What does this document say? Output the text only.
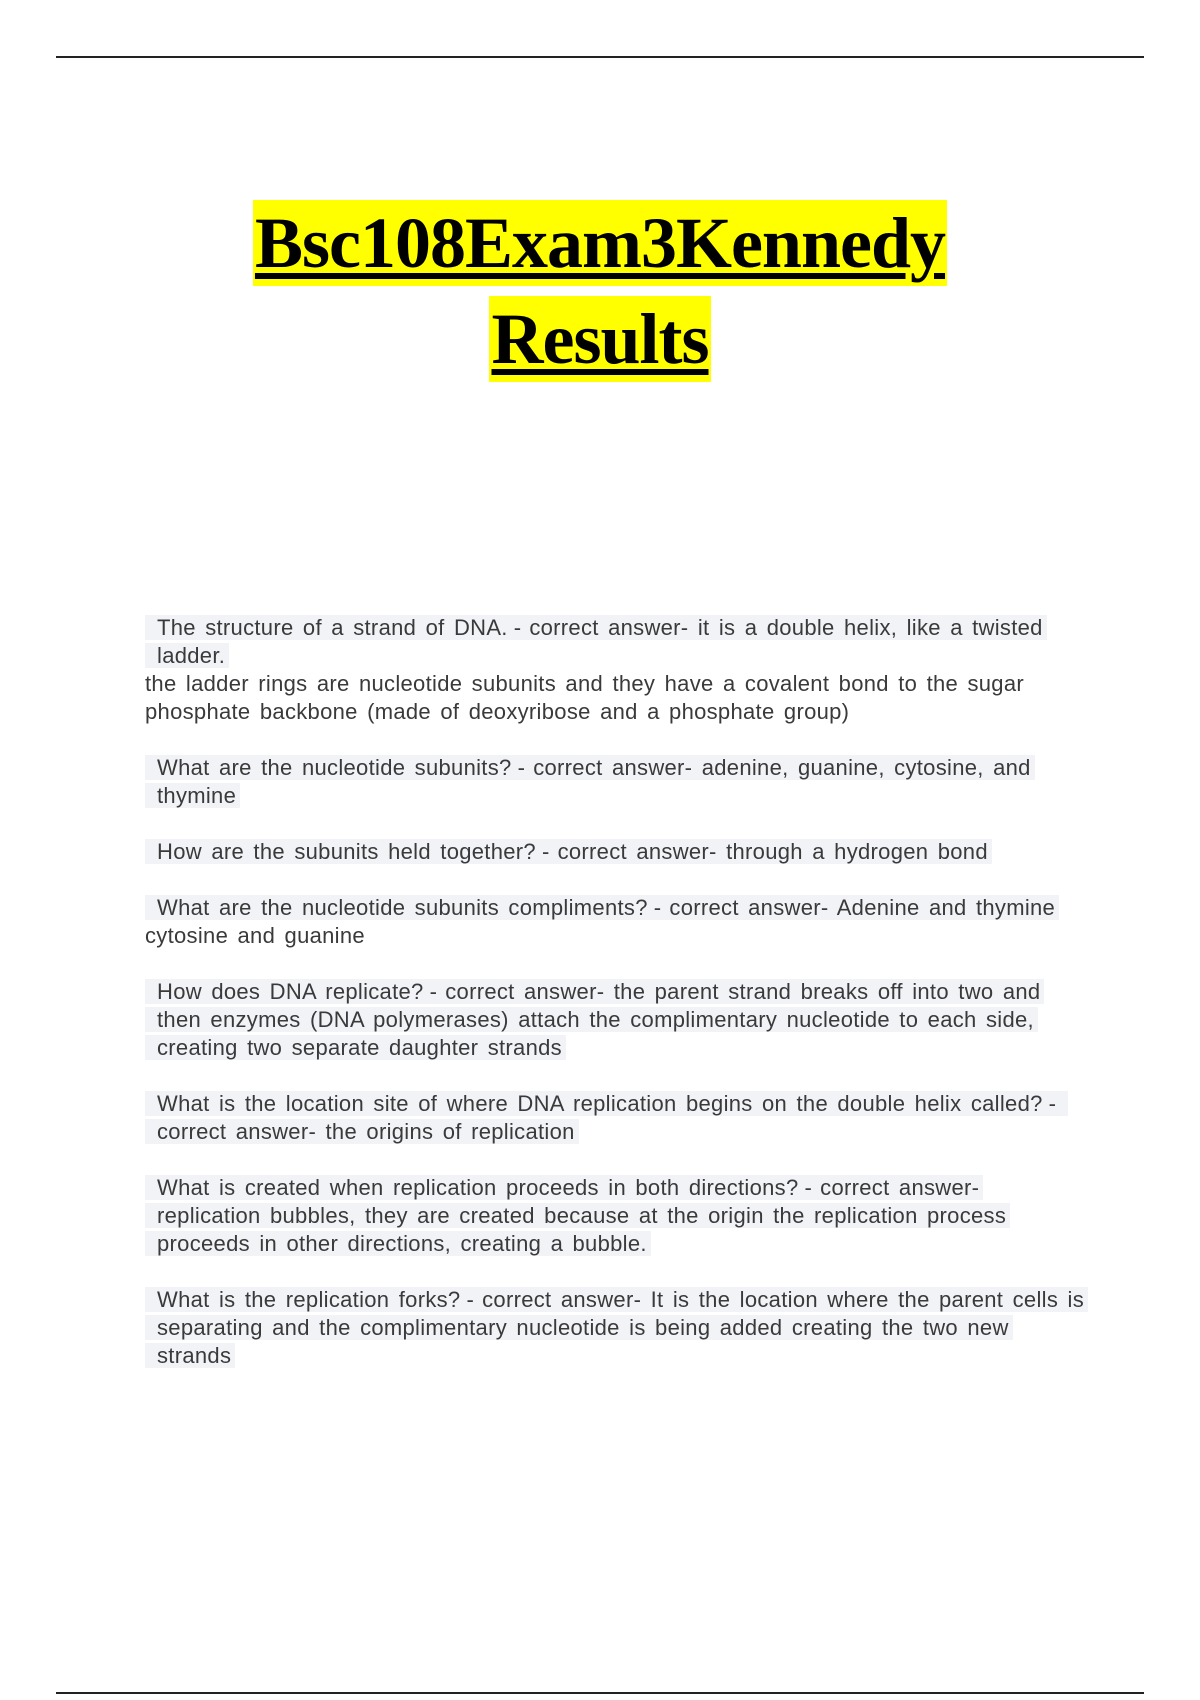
Bsc108Exam3Kennedy
Results
The structure of a strand of DNA. - correct answer- it is a double helix, like a twisted ladder.
the ladder rings are nucleotide subunits and they have a covalent bond to the sugar phosphate backbone (made of deoxyribose and a phosphate group)
What are the nucleotide subunits? - correct answer- adenine, guanine, cytosine, and thymine
How are the subunits held together? - correct answer- through a hydrogen bond
What are the nucleotide subunits compliments? - correct answer- Adenine and thymine
cytosine and guanine
How does DNA replicate? - correct answer- the parent strand breaks off into two and then enzymes (DNA polymerases) attach the complimentary nucleotide to each side, creating two separate daughter strands
What is the location site of where DNA replication begins on the double helix called? -correct answer- the origins of replication
What is created when replication proceeds in both directions? - correct answer- replication bubbles, they are created because at the origin the replication process proceeds in other directions, creating a bubble.
What is the replication forks? - correct answer- It is the location where the parent cells is separating and the complimentary nucleotide is being added creating the two new strands
